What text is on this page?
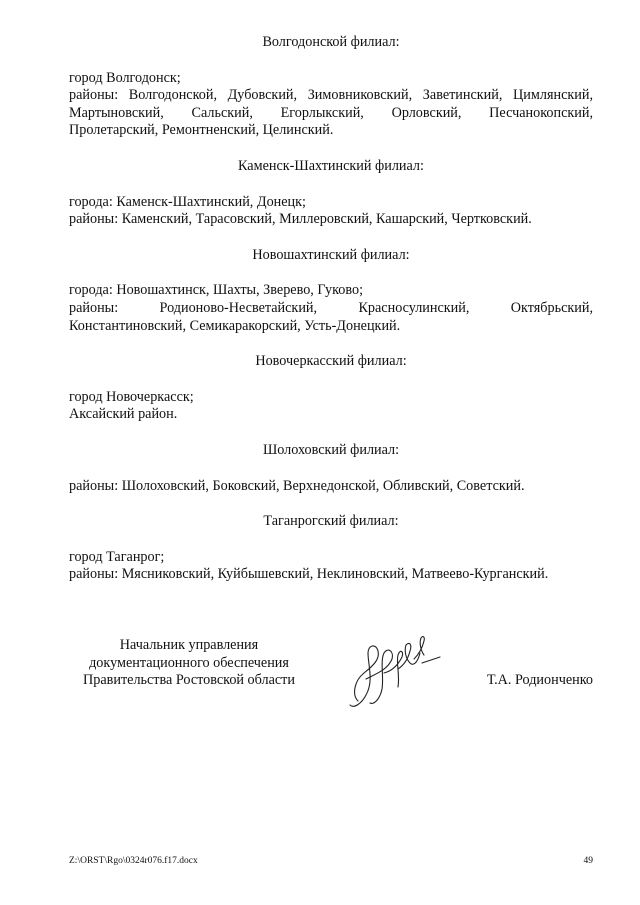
Волгодонской филиал:

город Волгодонск;
районы: Волгодонской, Дубовский, Зимовниковский, Заветинский, Цимлянский,
Мартыновский, Сальский, Егорлыкский, Орловский, Песчанокопский,
Пролетарский, Ремонтненский, Целинский.

Каменск-Шахтинский филиал:

города: Каменск-Шахтинский, Донецк;
районы: Каменский, Тарасовский, Миллеровский, Кашарский, Чертковский.

Новошахтинский филиал:

города: Новошахтинск, Шахты, Зверево, Гуково;
районы: Родионово-Несветайский, Красносулинский, Октябрьский,
Константиновский, Семикаракорский, Усть-Донецкий.

Новочеркасский филиал:

город Новочеркасск;
Аксайский район.

Шолоховский филиал:

районы: Шолоховский, Боковский, Верхнедонской, Обливский, Советский.

Таганрогский филиал:

город Таганрог;
районы: Мясниковский, Куйбышевский, Неклиновский, Матвеево-Курганский.
Начальник управления
документационного обеспечения
Правительства Ростовской области	Т.А. Родионченко
Z:\ORST\Rgo\0324r076.f17.docx	49
